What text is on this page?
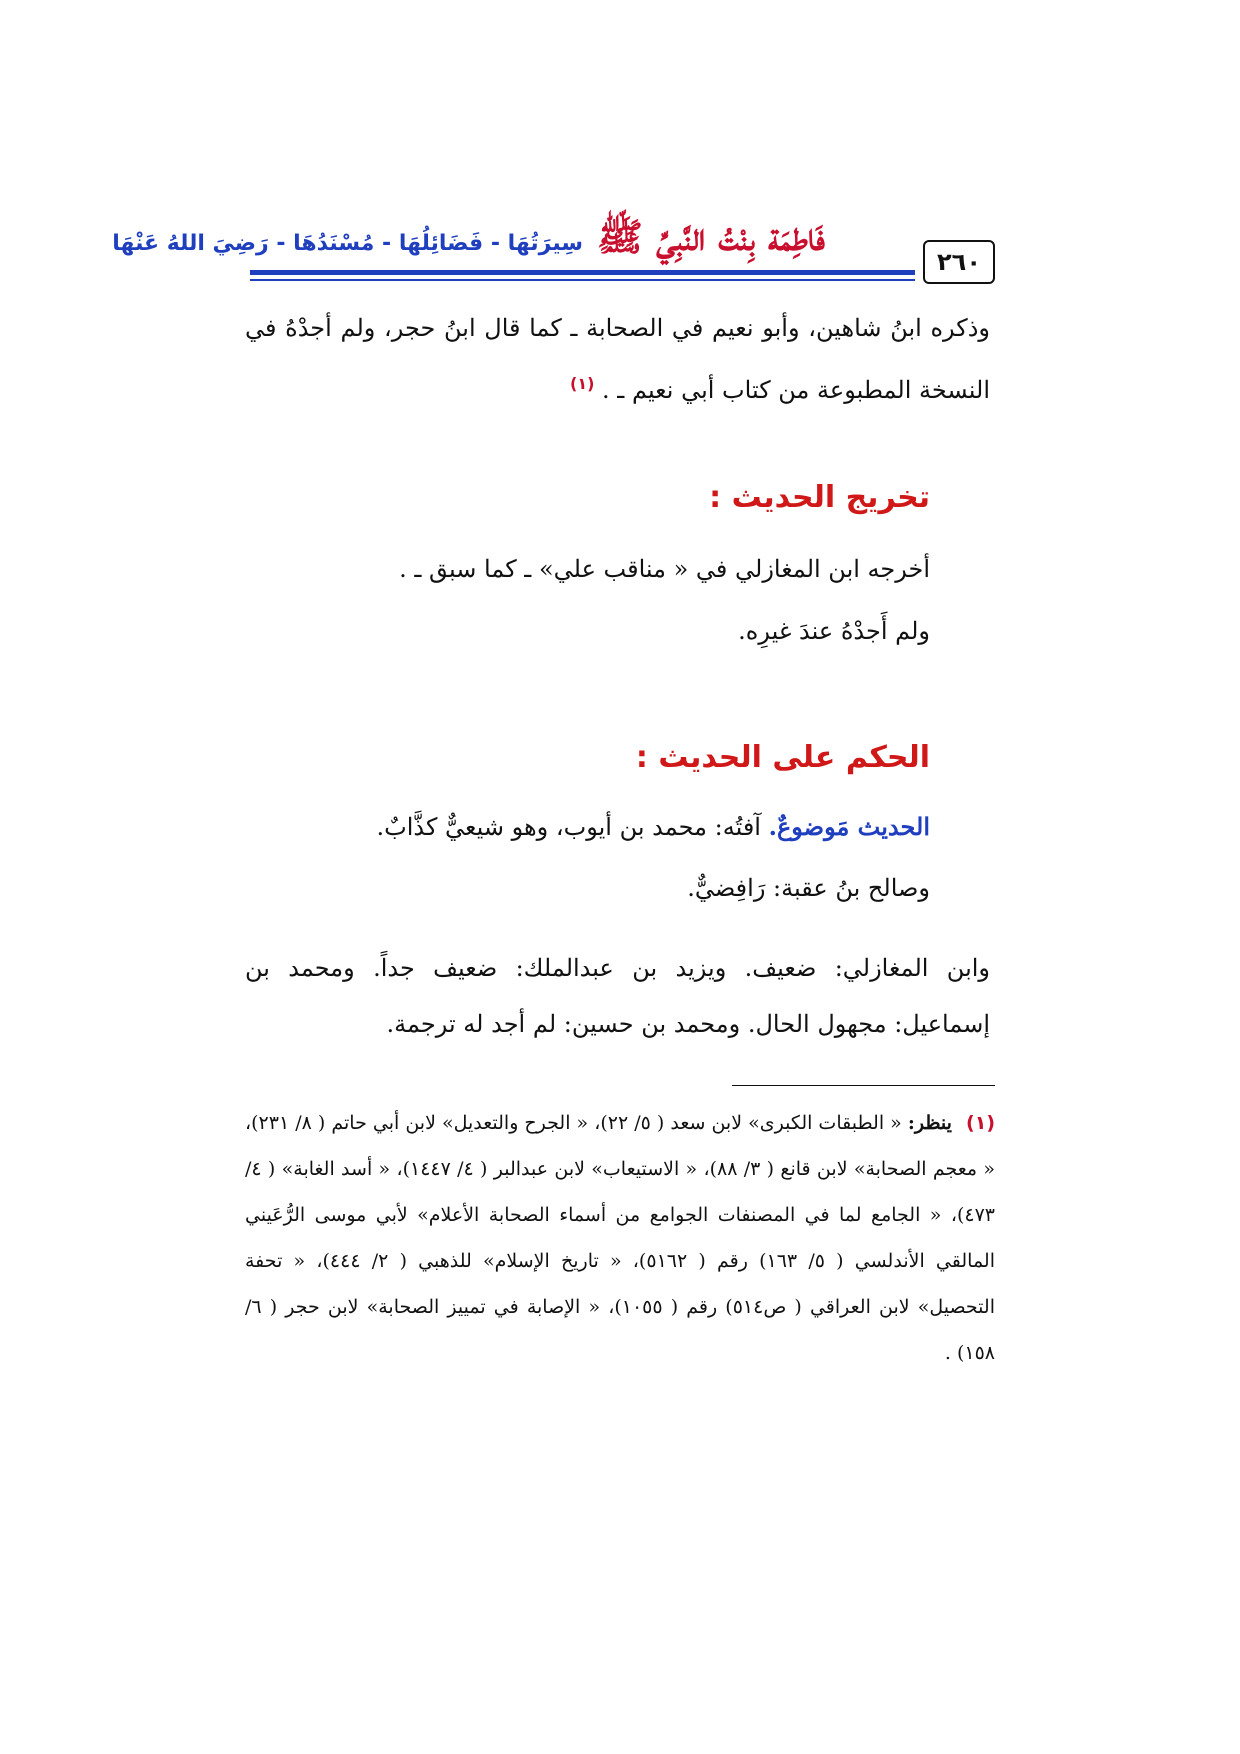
٢٦٠
فَاطِمَة بِنْتُ النَّبِيِّ ﷺ
سِيرَتُهَا - فَضَائِلُهَا - مُسْنَدُهَا - رَضِيَ اللهُ عَنْهَا
وذكره ابنُ شاهين، وأبو نعيم في الصحابة ـ كما قال ابنُ حجر، ولم أجدْهُ في النسخة المطبوعة من كتاب أبي نعيم ـ . $^{(١)}$
تخريج الحديث :
أخرجه ابن المغازلي في « مناقب علي» ـ كما سبق ـ .
ولم أَجدْهُ عندَ غيرِه.
الحكم على الحديث :
الحديث مَوضوعٌ. آفتُه: محمد بن أيوب، وهو شيعيٌّ كذَّابٌ.
وصالح بنُ عقبة: رَافِضيٌّ.
وابن المغازلي: ضعيف. ويزيد بن عبدالملك: ضعيف جداً. ومحمد بن إسماعيل: مجهول الحال. ومحمد بن حسين: لم أجد له ترجمة.
(١) ينظر: « الطبقات الكبرى» لابن سعد ( ٥/ ٢٢)، « الجرح والتعديل» لابن أبي حاتم ( ٨/ ٢٣١)، « معجم الصحابة» لابن قانع ( ٣/ ٨٨)، « الاستيعاب» لابن عبدالبر ( ٤/ ١٤٤٧)، « أسد الغابة» ( ٤/ ٤٧٣)، « الجامع لما في المصنفات الجوامع من أسماء الصحابة الأعلام» لأبي موسى الرُّعَيني المالقي الأندلسي ( ٥/ ١٦٣) رقم ( ٥١٦٢)، « تاريخ الإسلام» للذهبي ( ٢/ ٤٤٤)، « تحفة التحصيل» لابن العراقي ( ص٥١٤) رقم ( ١٠٥٥)، « الإصابة في تمييز الصحابة» لابن حجر ( ٦/ ١٥٨) .
